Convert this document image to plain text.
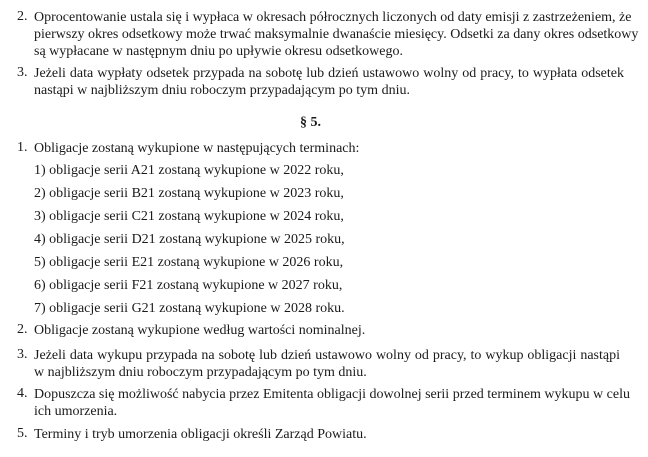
2. Oprocentowanie ustala się i wypłaca w okresach półrocznych liczonych od daty emisji z zastrzeżeniem, że
pierwszy okres odsetkowy może trwać maksymalnie dwanaście miesięcy. Odsetki za dany okres odsetkowy
są wypłacane w następnym dniu po upływie okresu odsetkowego.
3. Jeżeli data wypłaty odsetek przypada na sobotę lub dzień ustawowo wolny od pracy, to wypłata odsetek
nastąpi w najbliższym dniu roboczym przypadającym po tym dniu.
§ 5.
1. Obligacje zostaną wykupione w następujących terminach:
1) obligacje serii A21 zostaną wykupione w 2022 roku,
2) obligacje serii B21 zostaną wykupione w 2023 roku,
3) obligacje serii C21 zostaną wykupione w 2024 roku,
4) obligacje serii D21 zostaną wykupione w 2025 roku,
5) obligacje serii E21 zostaną wykupione w 2026 roku,
6) obligacje serii F21 zostaną wykupione w 2027 roku,
7) obligacje serii G21 zostaną wykupione w 2028 roku.
2. Obligacje zostaną wykupione według wartości nominalnej.
3. Jeżeli data wykupu przypada na sobotę lub dzień ustawowo wolny od pracy, to wykup obligacji nastąpi
w najbliższym dniu roboczym przypadającym po tym dniu.
4. Dopuszcza się możliwość nabycia przez Emitenta obligacji dowolnej serii przed terminem wykupu w celu
ich umorzenia.
5. Terminy i tryb umorzenia obligacji określi Zarząd Powiatu.
